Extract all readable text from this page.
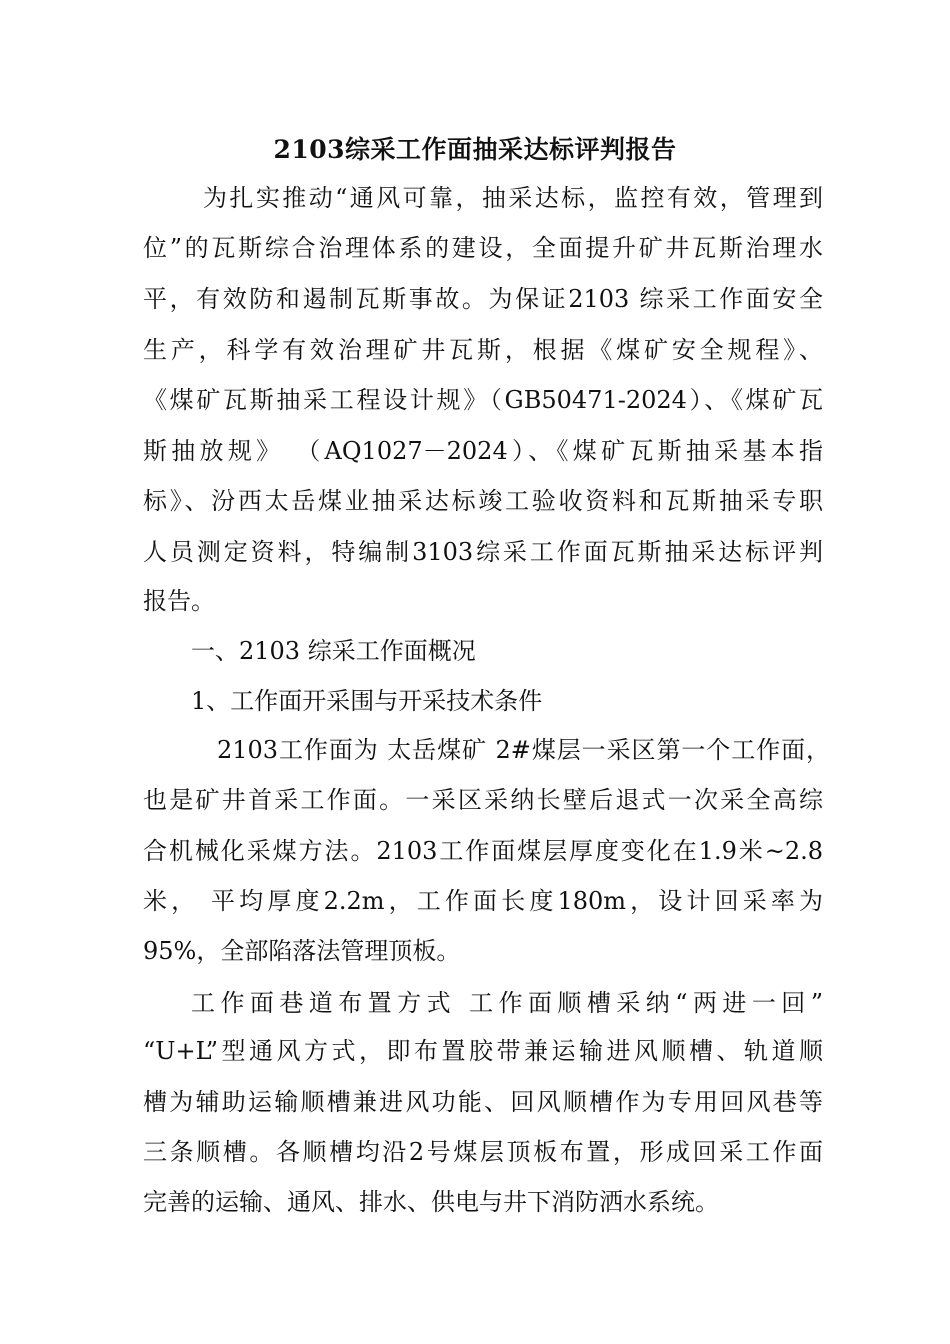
2103综采工作面抽采达标评判报告
为扎实推动“通风可靠，抽采达标，监控有效，管理到
位”的瓦斯综合治理体系的建设，全面提升矿井瓦斯治理水
平，有效防和遏制瓦斯事故。为保证2103 综采工作面安全
生产，科学有效治理矿井瓦斯，根据《煤矿安全规程》、
《煤矿瓦斯抽采工程设计规》（GB50471-2024）、《煤矿瓦
斯抽放规》 （AQ1027－2024）、《煤矿瓦斯抽采基本指
标》、汾西太岳煤业抽采达标竣工验收资料和瓦斯抽采专职
人员测定资料，特编制3103综采工作面瓦斯抽采达标评判
报告。
一、2103 综采工作面概况
1、工作面开采围与开采技术条件
2103工作面为 太岳煤矿 2#煤层一采区第一个工作面，
也是矿井首采工作面。一采区采纳长壁后退式一次采全高综
合机械化采煤方法。2103工作面煤层厚度变化在1.9米~2.8
米， 平均厚度2.2m，工作面长度180m，设计回采率为
95%，全部陷落法管理顶板。
工作面巷道布置方式 工作面顺槽采纳“两进一回”
“U+L”型通风方式，即布置胶带兼运输进风顺槽、轨道顺
槽为辅助运输顺槽兼进风功能、回风顺槽作为专用回风巷等
三条顺槽。各顺槽均沿2号煤层顶板布置，形成回采工作面
完善的运输、通风、排水、供电与井下消防洒水系统。
